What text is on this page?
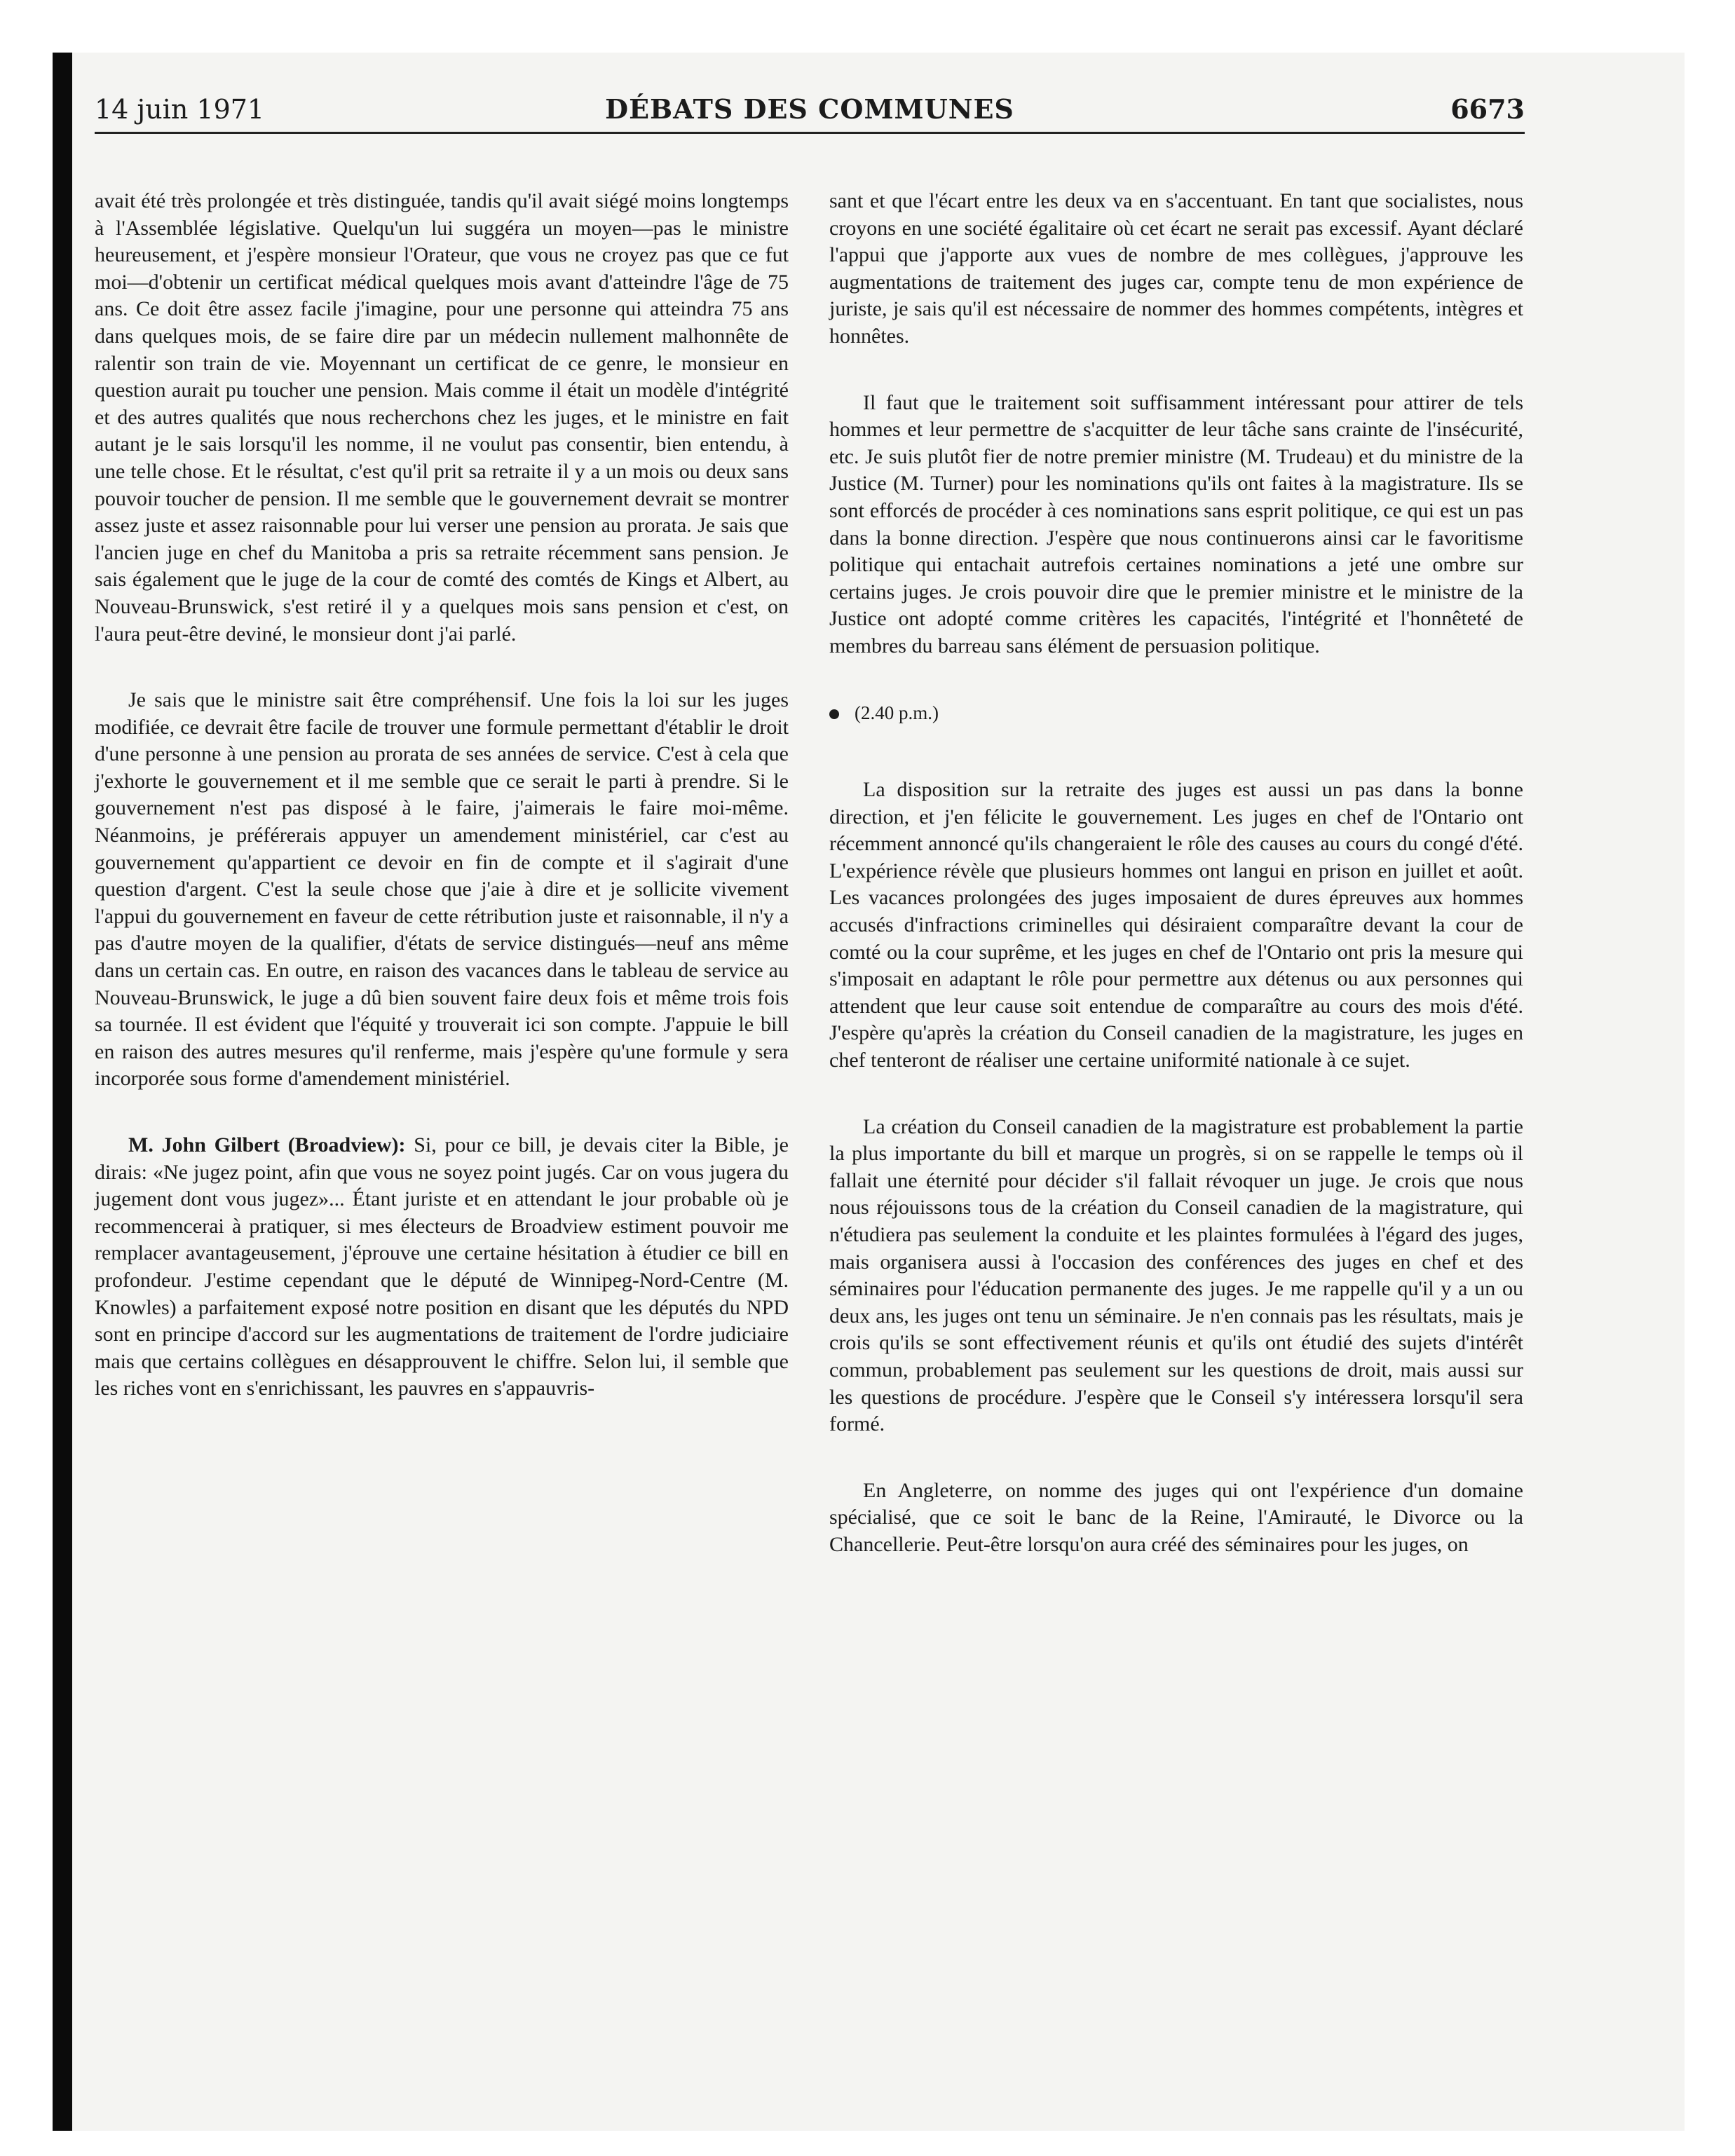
DÉBATS DES COMMUNES
14 juin 1971	6673

avait été très prolongée et très distinguée, tandis qu'il avait siégé moins longtemps à l'Assemblée législative. Quelqu'un lui suggéra un moyen—pas le ministre heureusement, et j'espère monsieur l'Orateur, que vous ne croyez pas que ce fut moi—d'obtenir un certificat médical quelques mois avant d'atteindre l'âge de 75 ans. Ce doit être assez facile j'imagine, pour une personne qui atteindra 75 ans dans quelques mois, de se faire dire par un médecin nullement malhonnête de ralentir son train de vie. Moyennant un certificat de ce genre, le monsieur en question aurait pu toucher une pension. Mais comme il était un modèle d'intégrité et des autres qualités que nous recherchons chez les juges, et le ministre en fait autant je le sais lorsqu'il les nomme, il ne voulut pas consentir, bien entendu, à une telle chose. Et le résultat, c'est qu'il prit sa retraite il y a un mois ou deux sans pouvoir toucher de pension. Il me semble que le gouvernement devrait se montrer assez juste et assez raisonnable pour lui verser une pension au prorata. Je sais que l'ancien juge en chef du Manitoba a pris sa retraite récemment sans pension. Je sais également que le juge de la cour de comté des comtés de Kings et Albert, au Nouveau-Brunswick, s'est retiré il y a quelques mois sans pension et c'est, on l'aura peut-être deviné, le monsieur dont j'ai parlé.

Je sais que le ministre sait être compréhensif. Une fois la loi sur les juges modifiée, ce devrait être facile de trouver une formule permettant d'établir le droit d'une personne à une pension au prorata de ses années de service. C'est à cela que j'exhorte le gouvernement et il me semble que ce serait le parti à prendre. Si le gouvernement n'est pas disposé à le faire, j'aimerais le faire moi-même. Néanmoins, je préférerais appuyer un amendement ministériel, car c'est au gouvernement qu'appartient ce devoir en fin de compte et il s'agirait d'une question d'argent. C'est la seule chose que j'aie à dire et je sollicite vivement l'appui du gouvernement en faveur de cette rétribution juste et raisonnable, il n'y a pas d'autre moyen de la qualifier, d'états de service distingués—neuf ans même dans un certain cas. En outre, en raison des vacances dans le tableau de service au Nouveau-Brunswick, le juge a dû bien souvent faire deux fois et même trois fois sa tournée. Il est évident que l'équité y trouverait ici son compte. J'appuie le bill en raison des autres mesures qu'il renferme, mais j'espère qu'une formule y sera incorporée sous forme d'amendement ministériel.

M. John Gilbert (Broadview): Si, pour ce bill, je devais citer la Bible, je dirais: «Ne jugez point, afin que vous ne soyez point jugés. Car on vous jugera du jugement dont vous jugez»... Étant juriste et en attendant le jour probable où je recommencerai à pratiquer, si mes électeurs de Broadview estiment pouvoir me remplacer avantageusement, j'éprouve une certaine hésitation à étudier ce bill en profondeur. J'estime cependant que le député de Winnipeg-Nord-Centre (M. Knowles) a parfaitement exposé notre position en disant que les députés du NPD sont en principe d'accord sur les augmentations de traitement de l'ordre judiciaire mais que certains collègues en désapprouvent le chiffre. Selon lui, il semble que les riches vont en s'enrichissant, les pauvres en s'appauvris-

sant et que l'écart entre les deux va en s'accentuant. En tant que socialistes, nous croyons en une société égalitaire où cet écart ne serait pas excessif. Ayant déclaré l'appui que j'apporte aux vues de nombre de mes collègues, j'approuve les augmentations de traitement des juges car, compte tenu de mon expérience de juriste, je sais qu'il est nécessaire de nommer des hommes compétents, intègres et honnêtes.

Il faut que le traitement soit suffisamment intéressant pour attirer de tels hommes et leur permettre de s'acquitter de leur tâche sans crainte de l'insécurité, etc. Je suis plutôt fier de notre premier ministre (M. Trudeau) et du ministre de la Justice (M. Turner) pour les nominations qu'ils ont faites à la magistrature. Ils se sont efforcés de procéder à ces nominations sans esprit politique, ce qui est un pas dans la bonne direction. J'espère que nous continuerons ainsi car le favoritisme politique qui entachait autrefois certaines nominations a jeté une ombre sur certains juges. Je crois pouvoir dire que le premier ministre et le ministre de la Justice ont adopté comme critères les capacités, l'intégrité et l'honnêteté de membres du barreau sans élément de persuasion politique.

(2.40 p.m.)

La disposition sur la retraite des juges est aussi un pas dans la bonne direction, et j'en félicite le gouvernement. Les juges en chef de l'Ontario ont récemment annoncé qu'ils changeraient le rôle des causes au cours du congé d'été. L'expérience révèle que plusieurs hommes ont langui en prison en juillet et août. Les vacances prolongées des juges imposaient de dures épreuves aux hommes accusés d'infractions criminelles qui désiraient comparaître devant la cour de comté ou la cour suprême, et les juges en chef de l'Ontario ont pris la mesure qui s'imposait en adaptant le rôle pour permettre aux détenus ou aux personnes qui attendent que leur cause soit entendue de comparaître au cours des mois d'été. J'espère qu'après la création du Conseil canadien de la magistrature, les juges en chef tenteront de réaliser une certaine uniformité nationale à ce sujet.

La création du Conseil canadien de la magistrature est probablement la partie la plus importante du bill et marque un progrès, si on se rappelle le temps où il fallait une éternité pour décider s'il fallait révoquer un juge. Je crois que nous nous réjouissons tous de la création du Conseil canadien de la magistrature, qui n'étudiera pas seulement la conduite et les plaintes formulées à l'égard des juges, mais organisera aussi à l'occasion des conférences des juges en chef et des séminaires pour l'éducation permanente des juges. Je me rappelle qu'il y a un ou deux ans, les juges ont tenu un séminaire. Je n'en connais pas les résultats, mais je crois qu'ils se sont effectivement réunis et qu'ils ont étudié des sujets d'intérêt commun, probablement pas seulement sur les questions de droit, mais aussi sur les questions de procédure. J'espère que le Conseil s'y intéressera lorsqu'il sera formé.

En Angleterre, on nomme des juges qui ont l'expérience d'un domaine spécialisé, que ce soit le banc de la Reine, l'Amirauté, le Divorce ou la Chancellerie. Peut-être lorsqu'on aura créé des séminaires pour les juges, on
